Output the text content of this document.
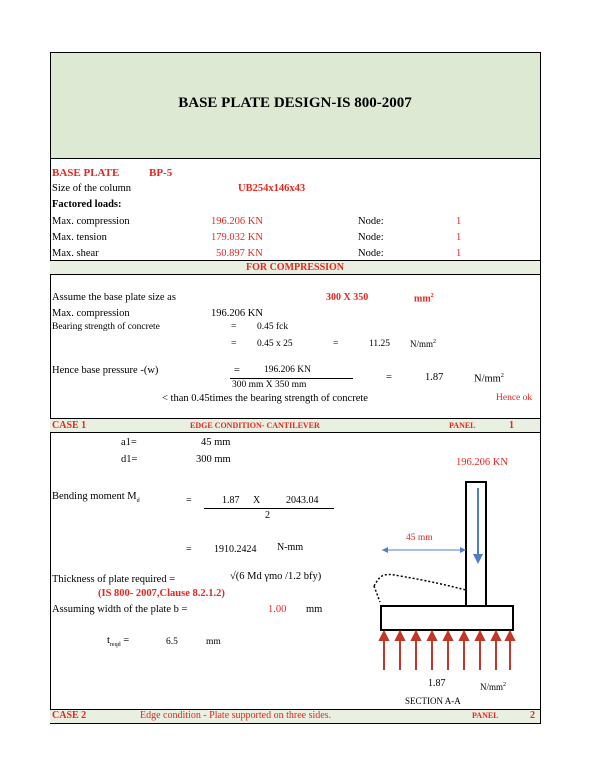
BASE PLATE DESIGN-IS 800-2007
BASE PLATE	BP-5
Size of the column	UB254x146x43
Factored loads:
Max. compression	196.206 KN	Node:	1
Max. tension	179.032 KN	Node:	1
Max. shear	50.897 KN	Node:	1
FOR COMPRESSION
Assume the base plate size as	300 X 350	$mm^2$
Max. compression	196.206 KN
Bearing strength of concrete	= 0.45 fck
= 0.45 x 25	=	11.25 $N/mm^2$
Hence base pressure -(w)	=	196.206 KN
300 mm X 350 mm
=	1.87	$N/mm^2$
< than 0.45times the bearing strength of concrete	Hence ok
CASE 1	EDGE CONDITION- CANTILEVER	PANEL	1
a1=	45 mm
d1=	300 mm
Bending moment $M_d$	=	1.87 X	2043.04
2
= 1910.2424 N-mm
Thickness of plate required =	√(6 Md γmo /1.2 bfy)
(IS 800- 2007,Clause 8.2.1.2)
Assuming width of the plate b =	1.00 mm
$t_{reqd}$ =	6.5	mm
196.206 KN
45 mm
1.87	$N/mm^2$
SECTION A-A
CASE 2	Edge condition - Plate supported on three sides.	PANEL	2
